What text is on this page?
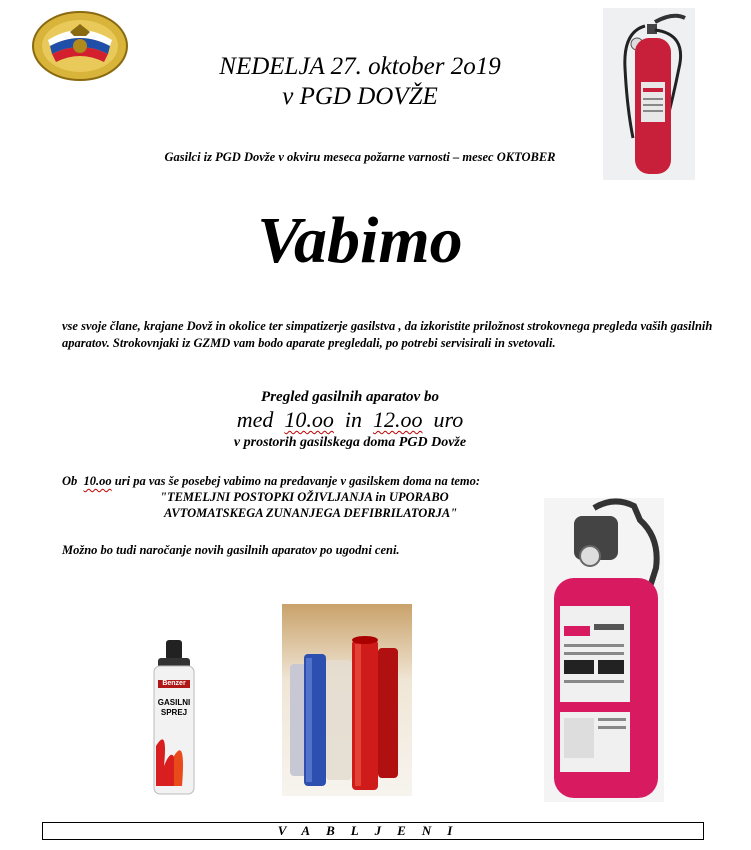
NEDELJA 27. oktober 2o19
v PGD DOVŽE
Gasilci iz PGD Dovže v okviru meseca požarne varnosti – mesec OKTOBER
Vabimo
vse svoje člane, krajane Dovž in okolice ter simpatizerje gasilstva , da izkoristite priložnost strokovnega pregleda vaših gasilnih aparatov. Strokovnjaki iz GZMD vam bodo aparate pregledali, po potrebi servisirali in svetovali.
Pregled gasilnih aparatov bo
med  10.oo  in  12.oo  uro
v prostorih gasilskega doma PGD Dovže
Ob  10.oo uri pa vas še posebej vabimo na predavanje v gasilskem doma na temo:
"TEMELJNI POSTOPKI OŽIVLJANJA in UPORABO
AVTOMATSKEGA ZUNANJEGA DEFIBRILATORJA"
Možno bo tudi naročanje novih gasilnih aparatov po ugodni ceni.
Benzer
GASILNI
SPREJ
VABLJENI
